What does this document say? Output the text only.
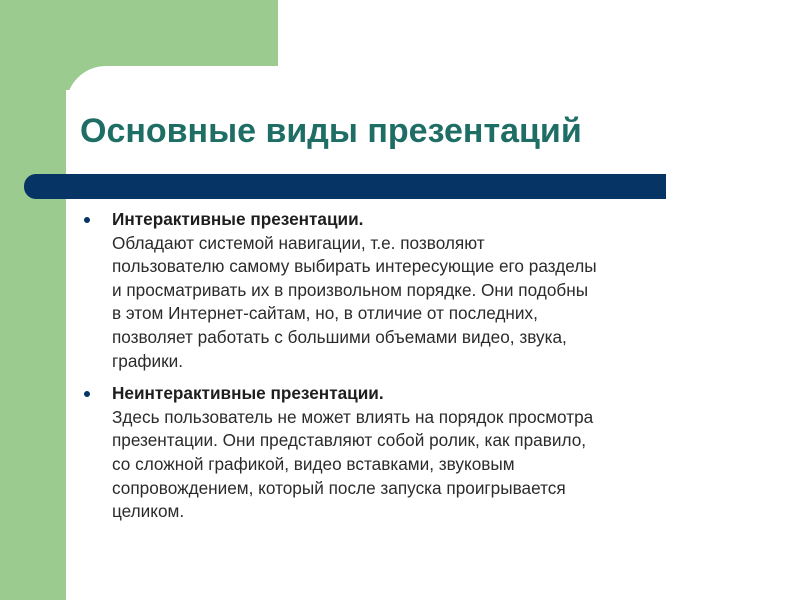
Основные виды презентаций
Интерактивные презентации.
Обладают системой навигации, т.е. позволяют
пользователю самому выбирать интересующие его разделы
и просматривать их в произвольном порядке. Они подобны
в этом Интернет-сайтам, но, в отличие от последних,
позволяет работать с большими объемами видео, звука,
графики.
Неинтерактивные презентации.
Здесь пользователь не может влиять на порядок просмотра
презентации. Они представляют собой ролик, как правило,
со сложной графикой, видео вставками, звуковым
сопровождением, который после запуска проигрывается
целиком.
